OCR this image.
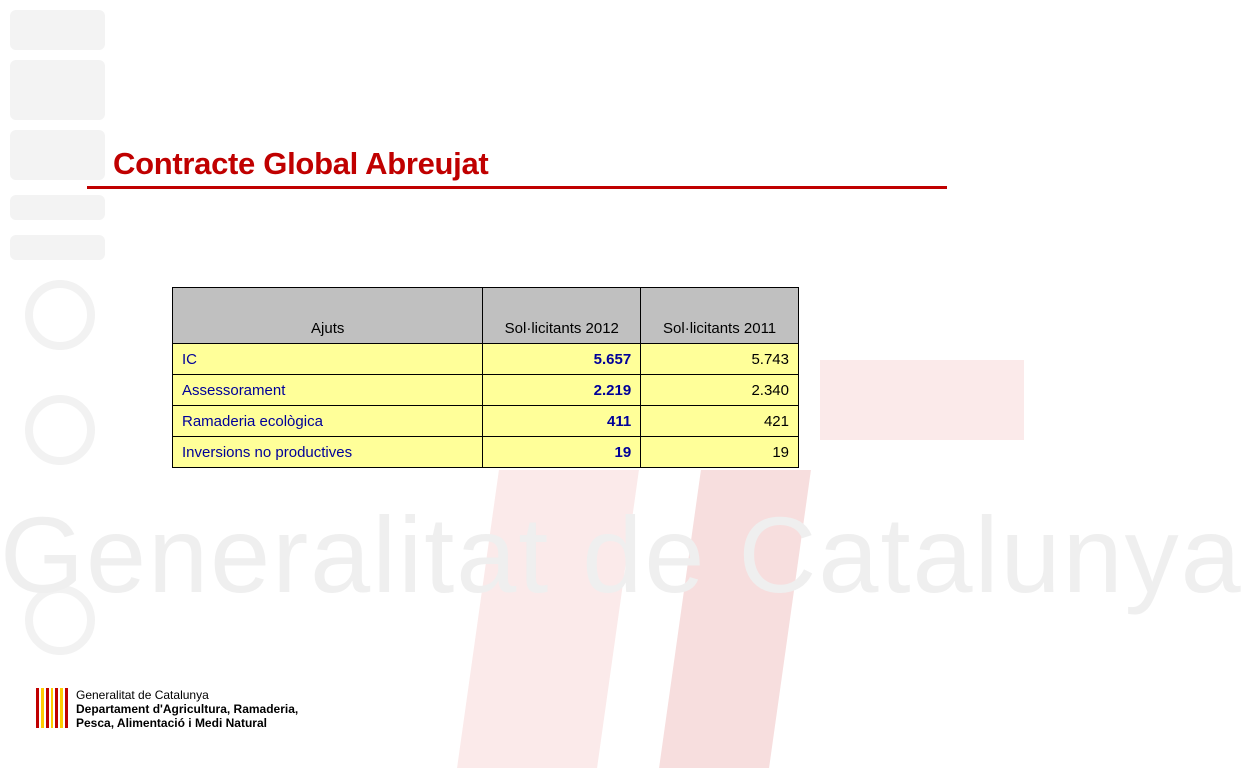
Generalitat de Catalunya
Contracte Global Abreujat
Ajuts	Sol·licitants 2012	Sol·licitants 2011
IC	5.657	5.743
Assessorament	2.219	2.340
Ramaderia ecològica	411	421
Inversions no productives	19	19
Generalitat de Catalunya
Departament d'Agricultura, Ramaderia,
Pesca, Alimentació i Medi Natural
